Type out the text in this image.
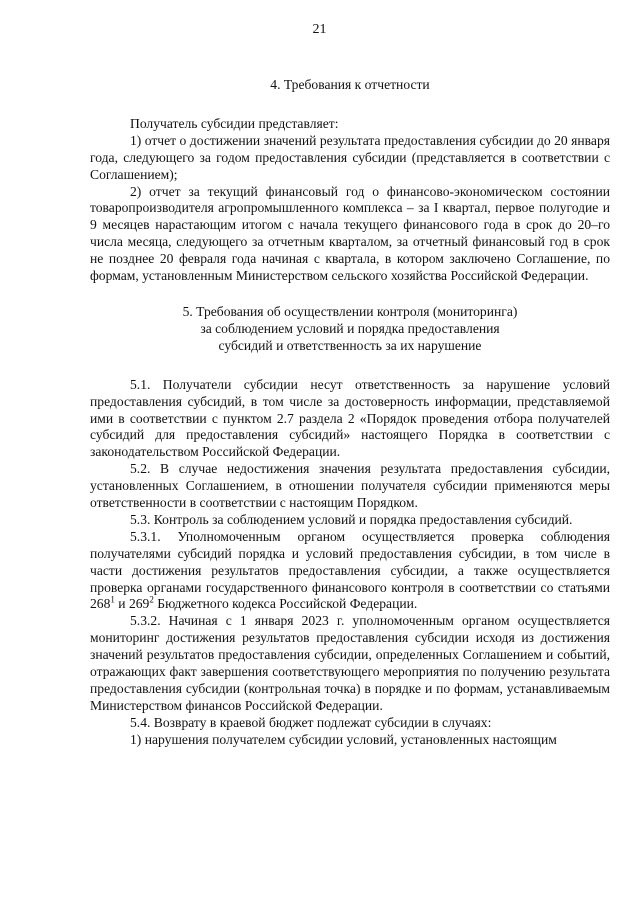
21

4. Требования к отчетности

Получатель субсидии представляет:

1) отчет о достижении значений результата предоставления субсидии до 20 января года, следующего за годом предоставления субсидии (представляется в соответствии с Соглашением);

2) отчет за текущий финансовый год о финансово-экономическом состоянии товаропроизводителя агропромышленного комплекса – за I квартал, первое полугодие и 9 месяцев нарастающим итогом с начала текущего финансового года в срок до 20–го числа месяца, следующего за отчетным кварталом, за отчетный финансовый год в срок не позднее 20 февраля года начиная с квартала, в котором заключено Соглашение, по формам, установленным Министерством сельского хозяйства Российской Федерации.

5. Требования об осуществлении контроля (мониторинга)

за соблюдением условий и порядка предоставления

субсидий и ответственность за их нарушение

5.1. Получатели субсидии несут ответственность за нарушение условий предоставления субсидий, в том числе за достоверность информации, представляемой ими в соответствии с пунктом 2.7 раздела 2 «Порядок проведения отбора получателей субсидий для предоставления субсидий» настоящего Порядка в соответствии с законодательством Российской Федерации.

5.2. В случае недостижения значения результата предоставления субсидии, установленных Соглашением, в отношении получателя субсидии применяются меры ответственности в соответствии с настоящим Порядком.

5.3. Контроль за соблюдением условий и порядка предоставления субсидий.

5.3.1. Уполномоченным органом осуществляется проверка соблюдения получателями субсидий порядка и условий предоставления субсидии, в том числе в части достижения результатов предоставления субсидии, а также осуществляется проверка органами государственного финансового контроля в соответствии со статьями $268^1$ и $269^2$ Бюджетного кодекса Российской Федерации.

5.3.2. Начиная с 1 января 2023 г. уполномоченным органом осуществляется мониторинг достижения результатов предоставления субсидии исходя из достижения значений результатов предоставления субсидии, определенных Соглашением и событий, отражающих факт завершения соответствующего мероприятия по получению результата предоставления субсидии (контрольная точка) в порядке и по формам, устанавливаемым Министерством финансов Российской Федерации.

5.4. Возврату в краевой бюджет подлежат субсидии в случаях:

1) нарушения получателем субсидии условий, установленных настоящим
